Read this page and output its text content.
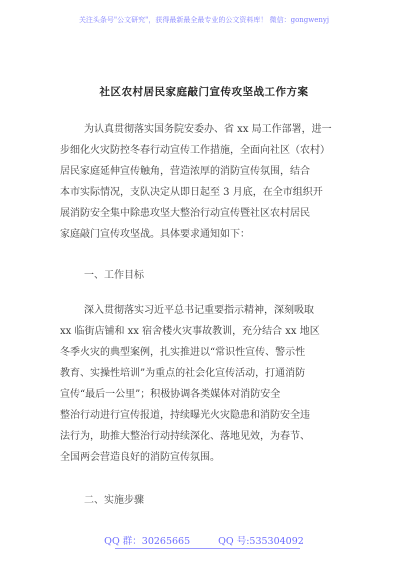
关注头条号"公文研究"，获得最新最全最专业的公文资料库！ 微信：gongwenyj
社区农村居民家庭敲门宣传攻坚战工作方案
为认真贯彻落实国务院安委办、省 xx 局工作部署，进一
步细化火灾防控冬春行动宣传工作措施，全面向社区（农村）
居民家庭延伸宣传触角，营造浓厚的消防宣传氛围，结合
本市实际情况，支队决定从即日起至 3 月底，在全市组织开
展消防安全集中除患攻坚大整治行动宣传暨社区农村居民
家庭敲门宣传攻坚战。具体要求通知如下：
一、工作目标
深入贯彻落实习近平总书记重要指示精神，深刻吸取
xx 临街店铺和 xx 宿舍楼火灾事故教训，充分结合 xx 地区
冬季火灾的典型案例，扎实推进以“常识性宣传、警示性
教育、实操性培训”为重点的社会化宣传活动，打通消防
宣传“最后一公里”；积极协调各类媒体对消防安全
整治行动进行宣传报道，持续曝光火灾隐患和消防安全违
法行为，助推大整治行动持续深化、落地见效，为春节、
全国两会营造良好的消防宣传氛围。
二、实施步骤
QQ 群：30265665	QQ 号:535304092
